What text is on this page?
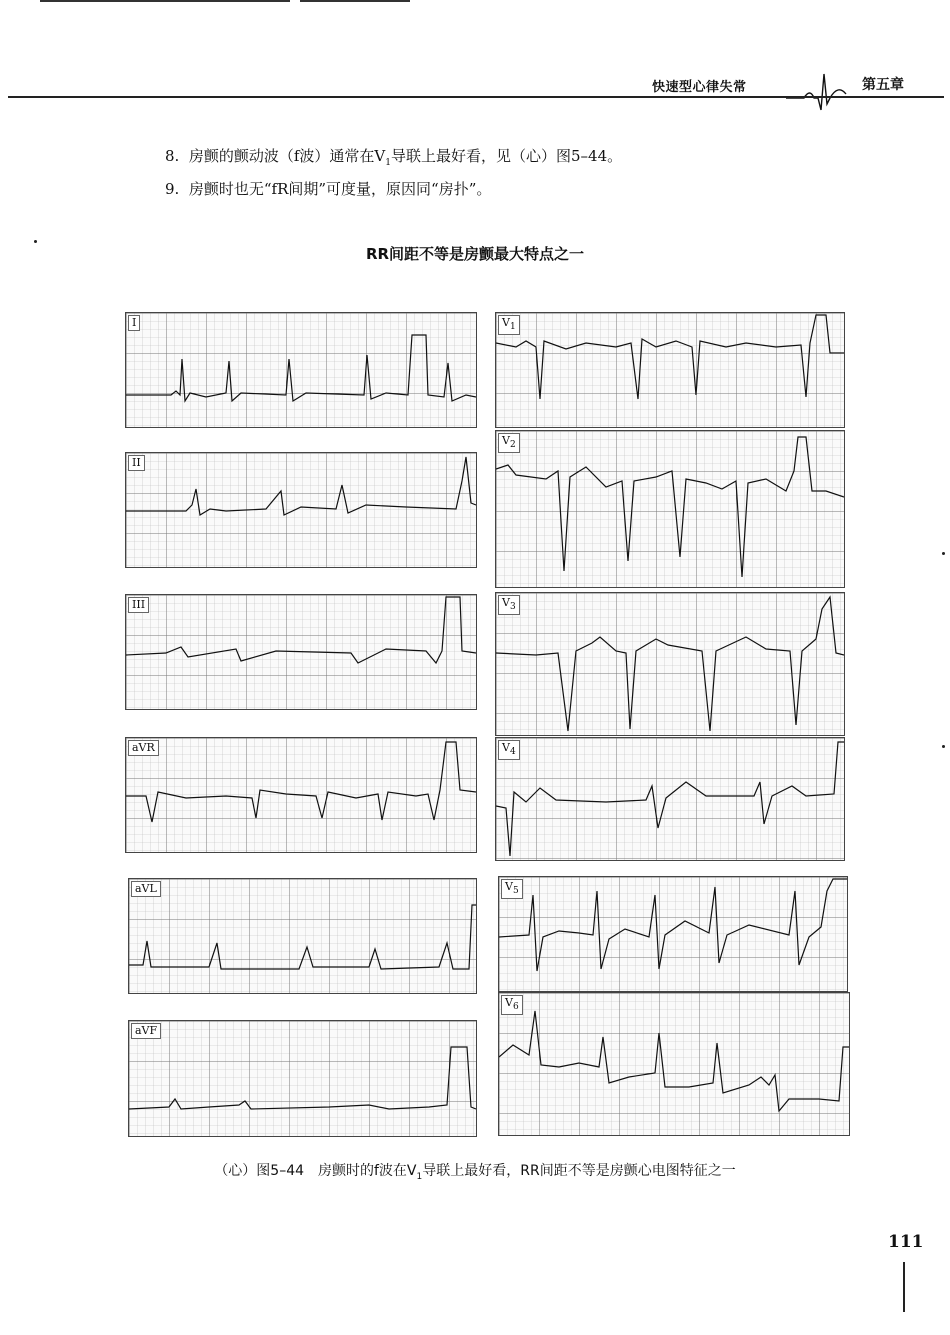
快速型心律失常	第五章
8. 房颤的颤动波（f波）通常在$V_1$导联上最好看，见（心）图5–44。
9. 房颤时也无“fR间期”可度量，原因同“房扑”。
RR间距不等是房颤最大特点之一
I
II
III
aVR
aVL
aVF
$V_1$
$V_2$
$V_3$
$V_4$
$V_5$
$V_6$
（心）图5–44　房颤时的f波在$V_1$导联上最好看，RR间距不等是房颤心电图特征之一
111
